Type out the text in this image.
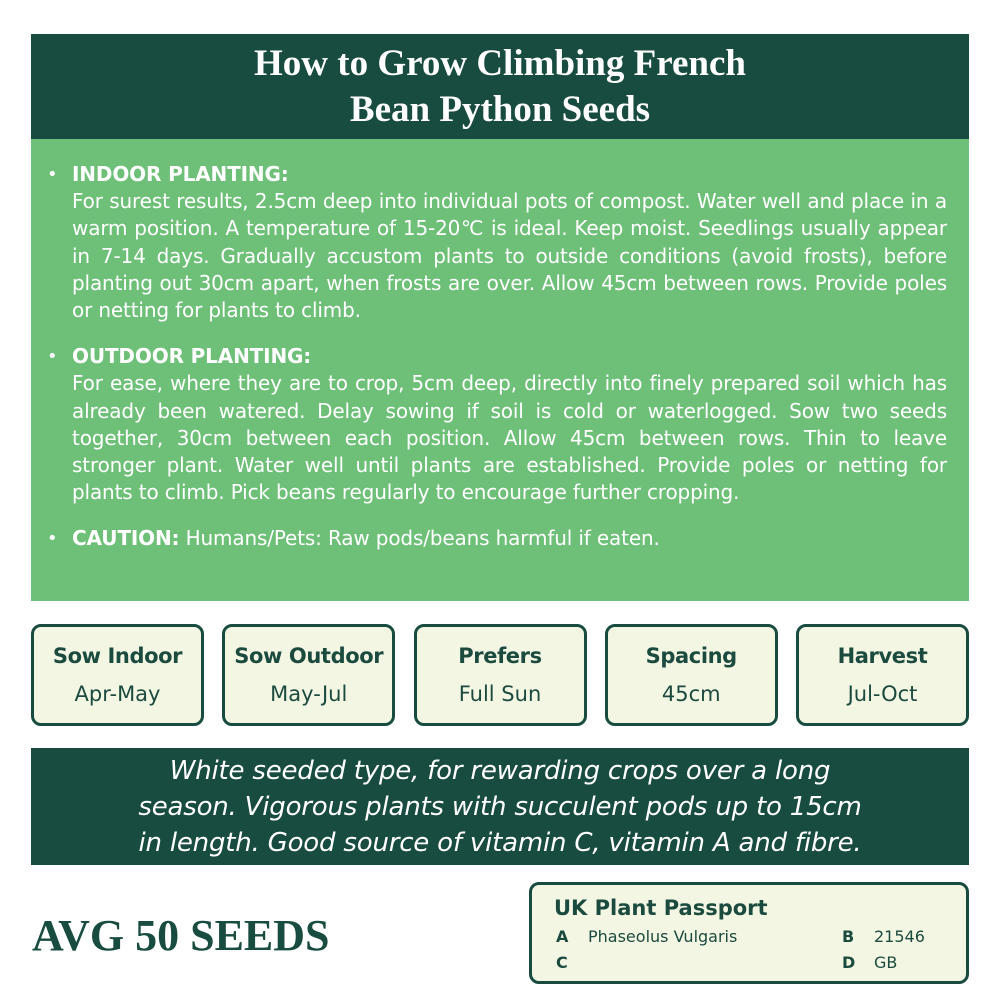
How to Grow Climbing French
Bean Python Seeds
• INDOOR PLANTING:
For surest results, 2.5cm deep into individual pots of compost. Water well and place in a warm position. A temperature of 15-20℃ is ideal. Keep moist. Seedlings usually appear in 7-14 days. Gradually accustom plants to outside conditions (avoid frosts), before planting out 30cm apart, when frosts are over. Allow 45cm between rows. Provide poles or netting for plants to climb.
• OUTDOOR PLANTING:
For ease, where they are to crop, 5cm deep, directly into finely prepared soil which has already been watered. Delay sowing if soil is cold or waterlogged. Sow two seeds together, 30cm between each position. Allow 45cm between rows. Thin to leave stronger plant. Water well until plants are established. Provide poles or netting for plants to climb. Pick beans regularly to encourage further cropping.
• CAUTION: Humans/Pets: Raw pods/beans harmful if eaten.
Sow Indoor
Apr-May
Sow Outdoor
May-Jul
Prefers
Full Sun
Spacing
45cm
Harvest
Jul-Oct
White seeded type, for rewarding crops over a long
season. Vigorous plants with succulent pods up to 15cm
in length. Good source of vitamin C, vitamin A and fibre.
AVG 50 SEEDS
UK Plant Passport
A Phaseolus Vulgaris	B 21546
C	D GB
